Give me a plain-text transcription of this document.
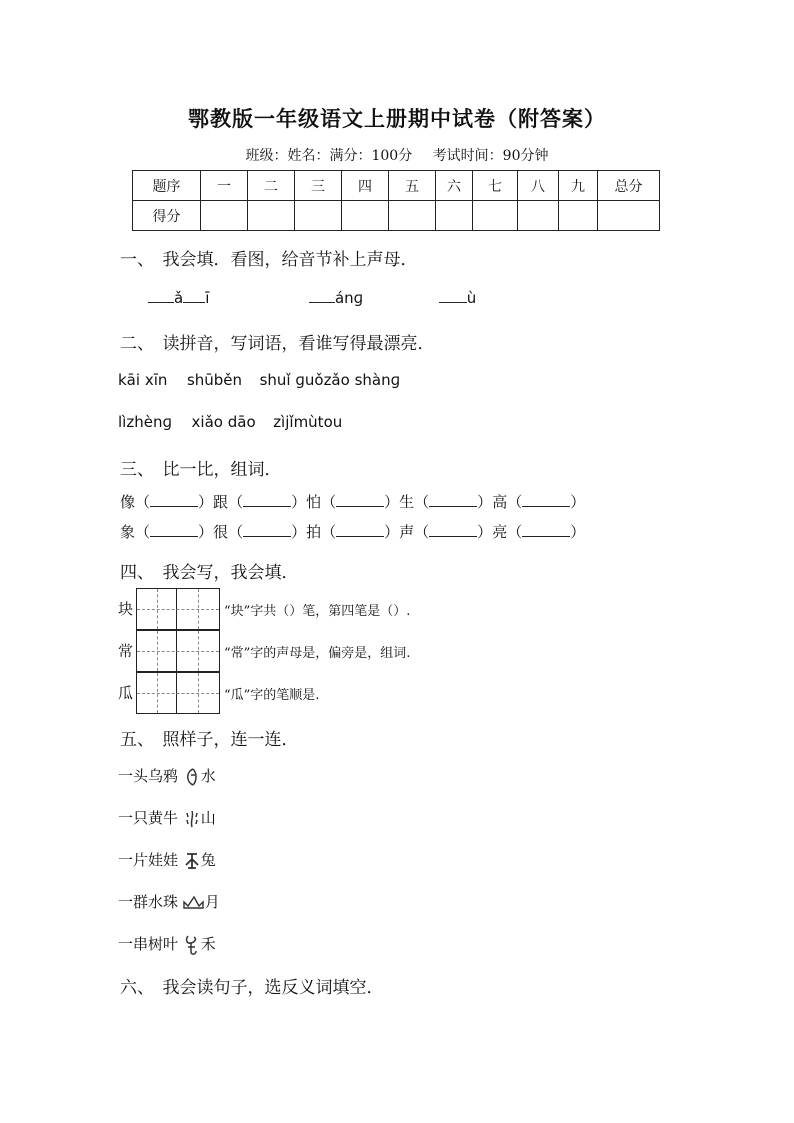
鄂教版一年级语文上册期中试卷（附答案）
班级：姓名：满分：100分 考试时间：90分钟
题序	一	二	三	四	五	六	七	八	九	总分
得分										
一、　我会填．看图，给音节补上声母．
ǎ ī	ánɡ	ù
二、　读拼音，写词语，看谁写得最漂亮．
kāi xīn shūběn shuǐ ɡuǒzǎo shànɡ
lìzhènɡ xiǎo dāo zìjǐmùtou
三、　比一比，组词．
像（	）跟（	）怕（	）生（	）高（	）
象（	）很（	）拍（	）声（	）亮（	）
四、　我会写，我会填．
块	“块”字共（）笔，第四笔是（）.
常	“常”字的声母是，偏旁是，组词.
瓜	“瓜”字的笔顺是.
五、　照样子，连一连．
一头乌鸦 水
一只黄牛 山
一片娃娃 兔
一群水珠 月
一串树叶 禾
六、　我会读句子，选反义词填空．
